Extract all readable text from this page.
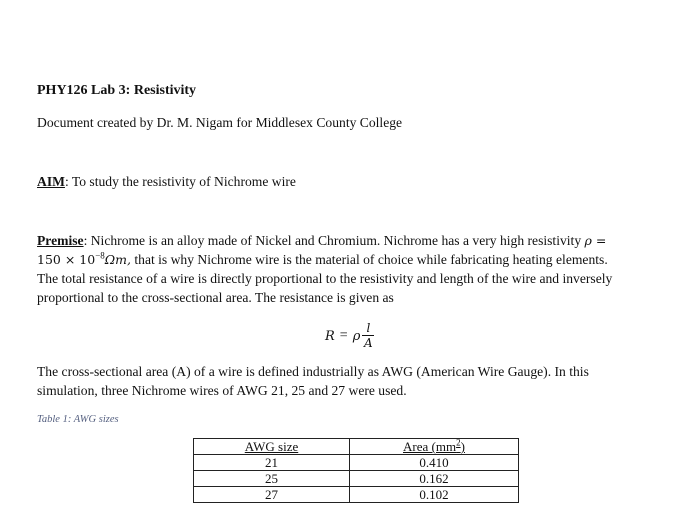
PHY126 Lab 3: Resistivity
Document created by Dr. M. Nigam for Middlesex County College
AIM: To study the resistivity of Nichrome wire
Premise: Nichrome is an alloy made of Nickel and Chromium. Nichrome has a very high resistivity ρ =
$150 \times 10^{-8}\Omega m$, that is why Nichrome wire is the material of choice while fabricating heating elements.
The total resistance of a wire is directly proportional to the resistivity and length of the wire and inversely
proportional to the cross-sectional area. The resistance is given as
R = ρ $\frac{l}{A}$
The cross-sectional area (A) of a wire is defined industrially as AWG (American Wire Gauge). In this
simulation, three Nichrome wires of AWG 21, 25 and 27 were used.
Table 1: AWG sizes
AWG size	Area $(mm^2)$
21	0.410
25	0.162
27	0.102
